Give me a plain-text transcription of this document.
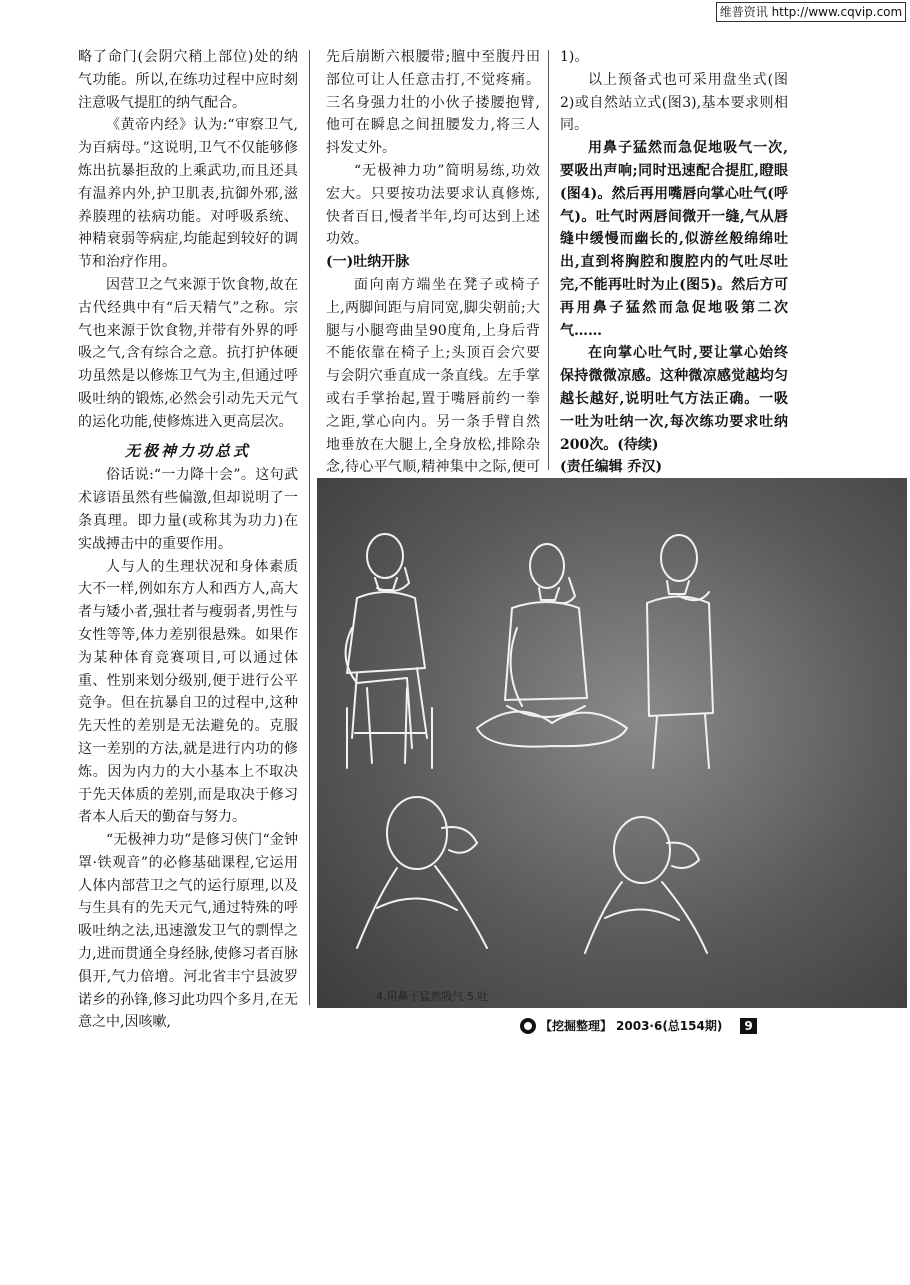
维普资讯 http://www.cqvip.com

略了命门(会阴穴稍上部位)处的纳气功能。所以,在练功过程中应时刻注意吸气提肛的纳气配合。

《黄帝内经》认为:“审察卫气,为百病母。”这说明,卫气不仅能够修炼出抗暴拒敌的上乘武功,而且还具有温养内外,护卫肌表,抗御外邪,滋养腠理的祛病功能。对呼吸系统、神精衰弱等病症,均能起到较好的调节和治疗作用。

因营卫之气来源于饮食物,故在古代经典中有“后天精气”之称。宗气也来源于饮食物,并带有外界的呼吸之气,含有综合之意。抗打护体硬功虽然是以修炼卫气为主,但通过呼吸吐纳的锻炼,必然会引动先天元气的运化功能,使修炼进入更高层次。

无极神力功总式

俗话说:“一力降十会”。这句武术谚语虽然有些偏激,但却说明了一条真理。即力量(或称其为功力)在实战搏击中的重要作用。

人与人的生理状况和身体素质大不一样,例如东方人和西方人,高大者与矮小者,强壮者与瘦弱者,男性与女性等等,体力差别很悬殊。如果作为某种体育竞赛项目,可以通过体重、性别来划分级别,便于进行公平竞争。但在抗暴自卫的过程中,这种先天性的差别是无法避免的。克服这一差别的方法,就是进行内功的修炼。因为内力的大小基本上不取决于先天体质的差别,而是取决于修习者本人后天的勤奋与努力。

“无极神力功”是修习侠门“金钟罩·铁观音”的必修基础课程,它运用人体内部营卫之气的运行原理,以及与生具有的先天元气,通过特殊的呼吸吐纳之法,迅速激发卫气的剽悍之力,进而贯通全身经脉,使修习者百脉俱开,气力倍增。河北省丰宁县波罗诺乡的孙锋,修习此功四个多月,在无意之中,因咳嗽,

先后崩断六根腰带;膻中至腹丹田部位可让人任意击打,不觉疼痛。三名身强力壮的小伙子搂腰抱臂,他可在瞬息之间扭腰发力,将三人抖发丈外。

“无极神力功”简明易练,功效宏大。只要按功法要求认真修炼,快者百日,慢者半年,均可达到上述功效。

(一)吐纳开脉

面向南方端坐在凳子或椅子上,两脚间距与肩同宽,脚尖朝前;大腿与小腿弯曲呈90度角,上身后背不能依靠在椅子上;头顶百会穴要与会阴穴垂直成一条直线。左手掌或右手掌抬起,置于嘴唇前约一拳之距,掌心向内。另一条手臂自然地垂放在大腿上,全身放松,排除杂念,待心平气顺,精神集中之际,便可

1)。

以上预备式也可采用盘坐式(图2)或自然站立式(图3),基本要求则相同。

用鼻子猛然而急促地吸气一次,要吸出声响;同时迅速配合提肛,瞪眼(图4)。然后再用嘴唇向掌心吐气(呼气)。吐气时两唇间微开一缝,气从唇缝中缓慢而幽长的,似游丝般绵绵吐出,直到将胸腔和腹腔内的气吐尽吐完,不能再吐时为止(图5)。然后方可再用鼻子猛然而急促地吸第二次气……

在向掌心吐气时,要让掌心始终保持微微凉感。这种微凉感觉越均匀越长越好,说明吐气方法正确。一吸一吐为吐纳一次,每次练功要求吐纳200次。(待续)

(责任编辑 乔汉)

4.用鼻子猛然吸气 5.吐
【挖掘整理】 2003·6(总154期)	9
